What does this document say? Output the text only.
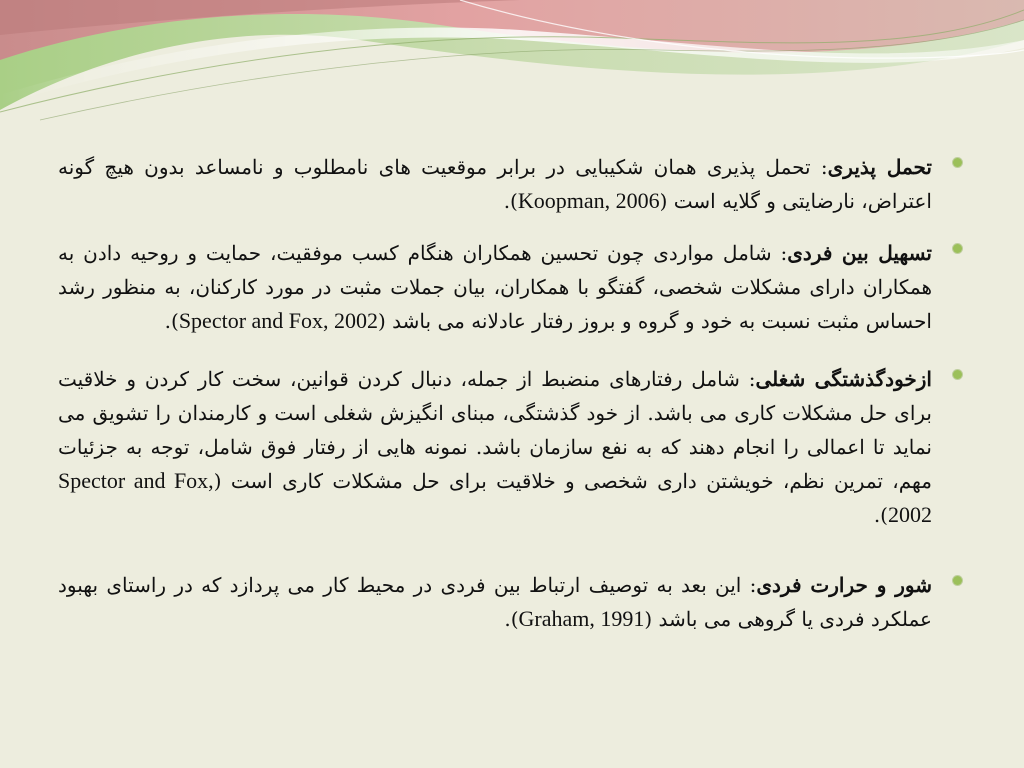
تحمل پذیری: تحمل پذیری همان شکیبایی در برابر موقعیت های نامطلوب و نامساعد بدون هیچ گونه اعتراض، نارضایتی و گلایه است (Koopman, 2006).

تسهیل بین فردی: شامل مواردی چون تحسین همکاران هنگام کسب موفقیت، حمایت و روحیه دادن به همکاران دارای مشکلات شخصی، گفتگو با همکاران، بیان جملات مثبت در مورد کارکنان، به منظور رشد احساس مثبت نسبت به خود و گروه و بروز رفتار عادلانه می باشد (Spector and Fox, 2002).

ازخودگذشتگی شغلی: شامل رفتارهای منضبط از جمله، دنبال کردن قوانین، سخت کار کردن و خلاقیت برای حل مشکلات کاری می باشد. از خود گذشتگی، مبنای انگیزش شغلی است و کارمندان را تشویق می نماید تا اعمالی را انجام دهند که به نفع سازمان باشد. نمونه هایی از رفتار فوق شامل، توجه به جزئیات مهم، تمرین نظم، خویشتن داری شخصی و خلاقیت برای حل مشکلات کاری است (Spector and Fox, 2002).

شور و حرارت فردی: این بعد به توصیف ارتباط بین فردی در محیط کار می پردازد که در راستای بهبود عملکرد فردی یا گروهی می باشد (Graham, 1991).
